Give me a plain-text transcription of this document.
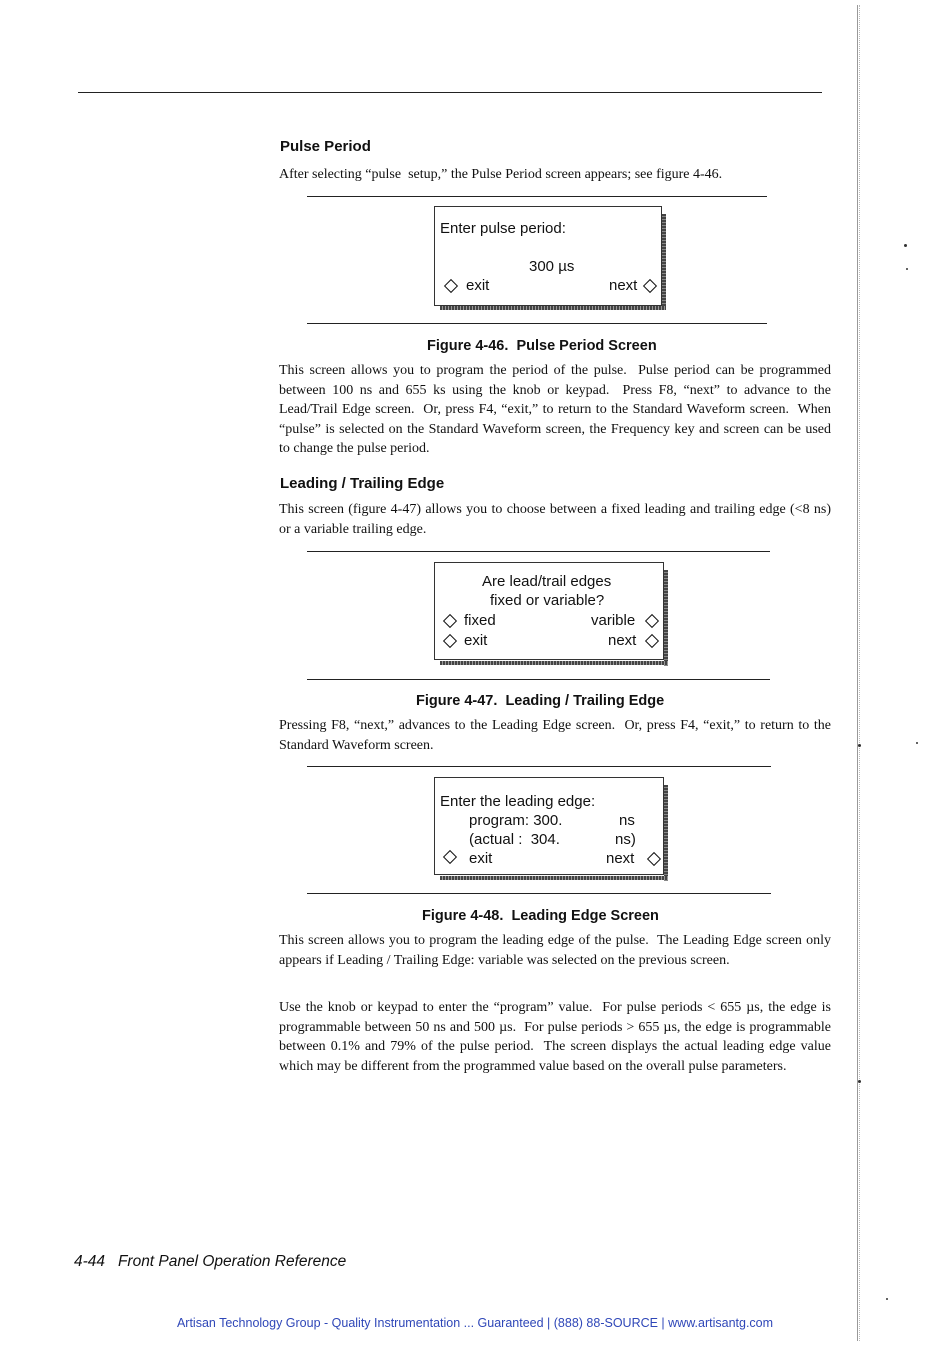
Pulse Period
After selecting “pulse  setup,” the Pulse Period screen appears; see figure 4-46.
Enter pulse period:
300 µs
exit	next
Figure 4-46.  Pulse Period Screen
This screen allows you to program the period of the pulse.  Pulse period can be programmed between 100 ns and 655 ks using the knob or keypad.  Press F8, “next” to advance to the Lead/Trail Edge screen.  Or, press F4, “exit,” to return to the Standard Waveform screen.  When “pulse” is selected on the Standard Waveform screen, the Frequency key and screen can be used to change the pulse period.
Leading / Trailing Edge
This screen (figure 4-47) allows you to choose between a fixed leading and trailing edge (<8 ns) or a variable trailing edge.
Are lead/trail edges
fixed or variable?
fixed	varible
exit	next
Figure 4-47.  Leading / Trailing Edge
Pressing F8, “next,” advances to the Leading Edge screen.  Or, press F4, “exit,” to return to the Standard Waveform screen.
Enter the leading edge:
program: 300.	ns
(actual :  304.	ns)
exit	next
Figure 4-48.  Leading Edge Screen
This screen allows you to program the leading edge of the pulse.  The Leading Edge screen only appears if Leading / Trailing Edge: variable was selected on the previous screen.
Use the knob or keypad to enter the “program” value.  For pulse periods < 655 µs, the edge is programmable between 50 ns and 500 µs.  For pulse periods > 655 µs, the edge is programmable between 0.1% and 79% of the pulse period.  The screen displays the actual leading edge value which may be different from the programmed value based on the overall pulse parameters.
4-44   Front Panel Operation Reference
Artisan Technology Group - Quality Instrumentation ... Guaranteed | (888) 88-SOURCE | www.artisantg.com
